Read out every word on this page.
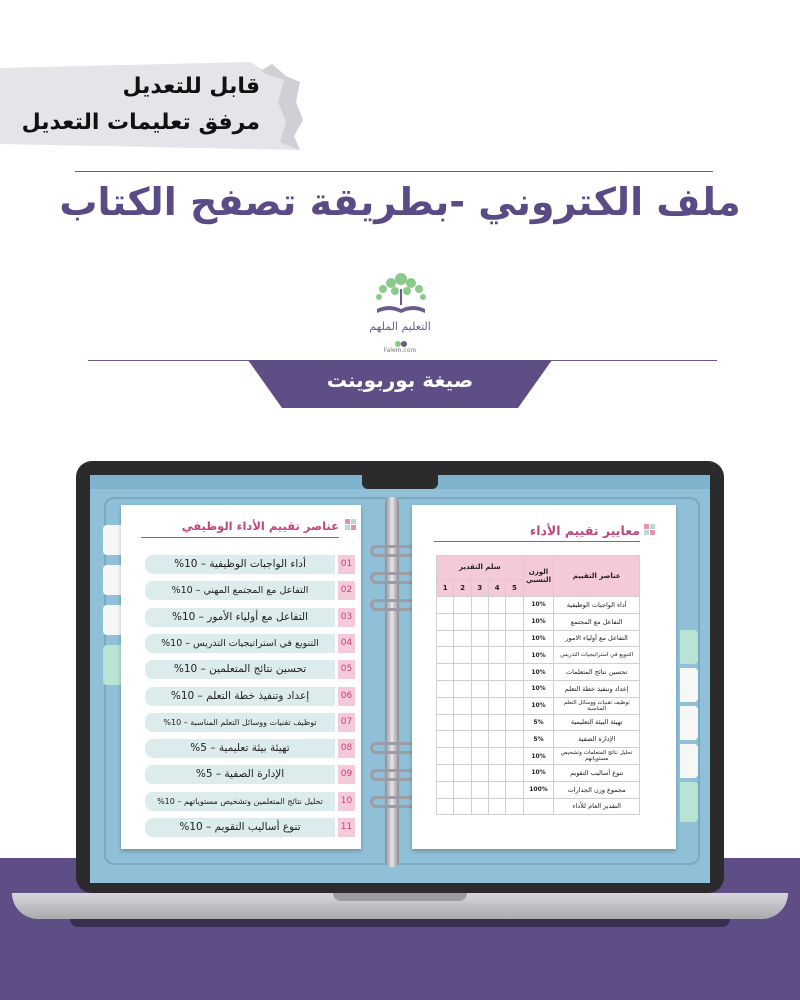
قابل للتعديل
مرفق تعليمات التعديل
ملف الكتروني -بطريقة تصفح الكتاب
التعليم الملهم
Falem.com
صيغة بوربوينت
عناصر تقييم الأداء الوظيفي
01
أداء الواجبات الوظيفية – 10%
02
التفاعل مع المجتمع المهني – 10%
03
التفاعل مع أولياء الأمور – 10%
04
التنويع في استراتيجيات التدريس – 10%
05
تحسين نتائج المتعلمين – 10%
06
إعداد وتنفيذ خطة التعلم – 10%
07
توظيف تقنيات ووسائل التعلم المناسبة – 10%
08
تهيئة بيئة تعليمية – 5%
09
الإدارة الصفية – 5%
10
تحليل نتائج المتعلمين وتشخيص مستوياتهم – 10%
11
تنوع أساليب التقويم – 10%
معايير تقييم الأداء
عناصر التقييم	الوزن النسبي	سلم التقدير				
		5	4	3	2	1
أداء الواجبات الوظيفية	10%					
التفاعل مع المجتمع	10%					
التفاعل مع أولياء الامور	10%					
التنويع في استراتيجيات التدريس	10%					
تحسين نتائج المتعلمات	10%					
إعداد وتنفيذ خطة التعلم	10%					
توظيف تقنيات ووسائل التعلم المناسبة	10%					
تهيئة البيئة التعليمية	5%					
الإدارة الصفية	5%					
تحليل نتائج المتعلمات وتشخيص مستوياتهم	10%					
تنوع أساليب التقويم	10%					
مجموع وزن الجدارات	100%					
التقدير العام للأداء						
